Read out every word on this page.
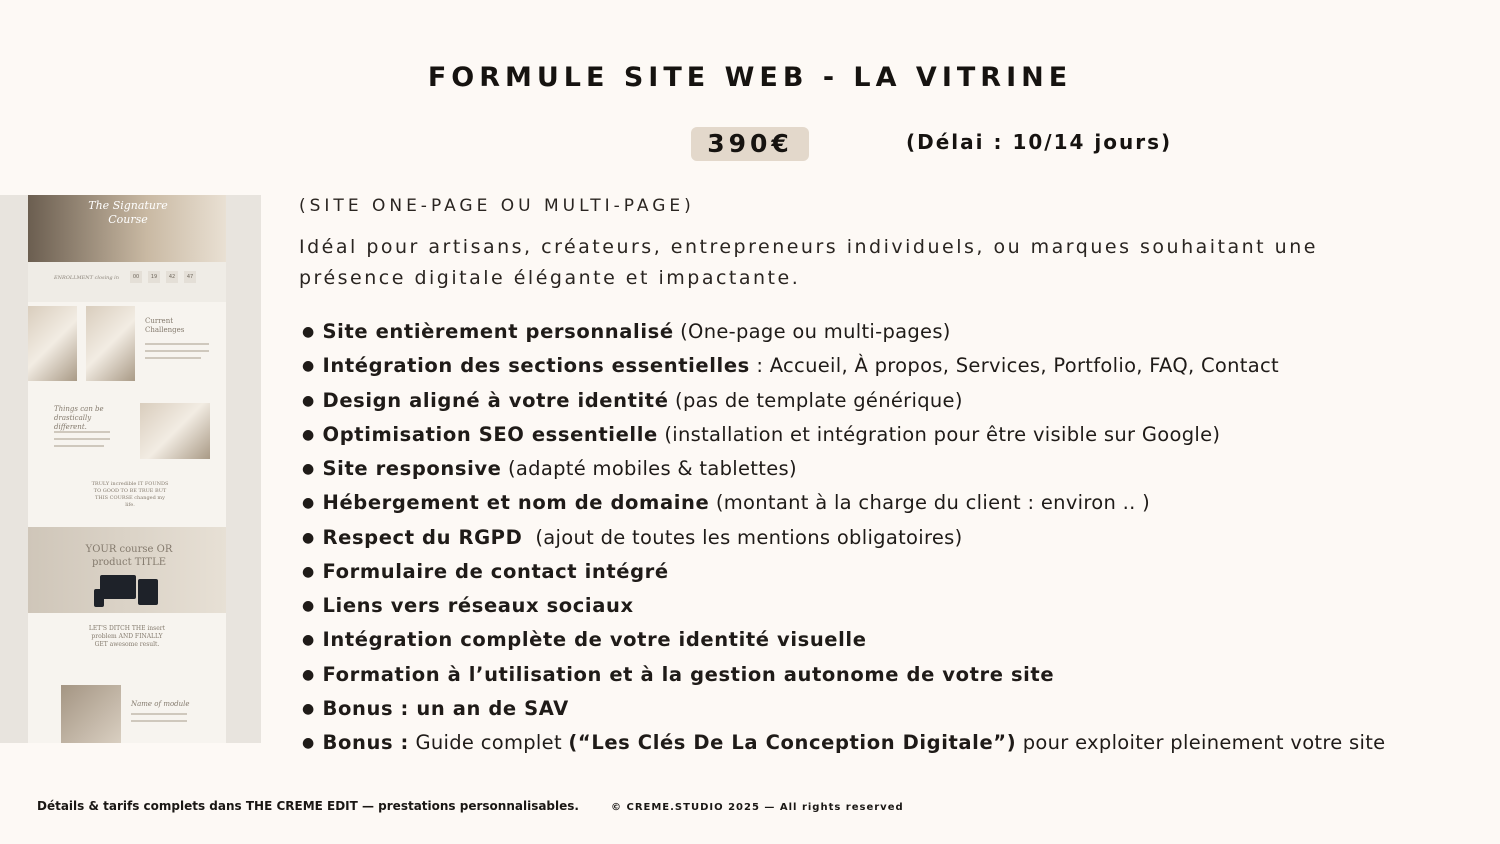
FORMULE SITE WEB - LA VITRINE
390€	(Délai : 10/14 jours)
The Signature Course
ENROLLMENT closing in	00	19	42	47
Current Challenges
Things can be drastically different.
TRULY incredible IT FOUNDS TO GOOD TO BE TRUE BUT THIS COURSE changed my life.
YOUR course OR product TITLE
LET'S DITCH THE insert problem AND FINALLY GET awesome result.
Name of module
(SITE ONE-PAGE OU MULTI-PAGE)
Idéal pour artisans, créateurs, entrepreneurs individuels, ou marques souhaitant une présence digitale élégante et impactante.
● Site entièrement personnalisé (One-page ou multi-pages)
● Intégration des sections essentielles : Accueil, À propos, Services, Portfolio, FAQ, Contact
● Design aligné à votre identité (pas de template générique)
● Optimisation SEO essentielle (installation et intégration pour être visible sur Google)
● Site responsive (adapté mobiles & tablettes)
● Hébergement et nom de domaine (montant à la charge du client : environ .. )
● Respect du RGPD  (ajout de toutes les mentions obligatoires)
● Formulaire de contact intégré
● Liens vers réseaux sociaux
● Intégration complète de votre identité visuelle
● Formation à l’utilisation et à la gestion autonome de votre site
● Bonus : un an de SAV
● Bonus : Guide complet (“Les Clés De La Conception Digitale”) pour exploiter pleinement votre site
Détails & tarifs complets dans THE CREME EDIT — prestations personnalisables.	© CREME.STUDIO 2025 — All rights reserved
